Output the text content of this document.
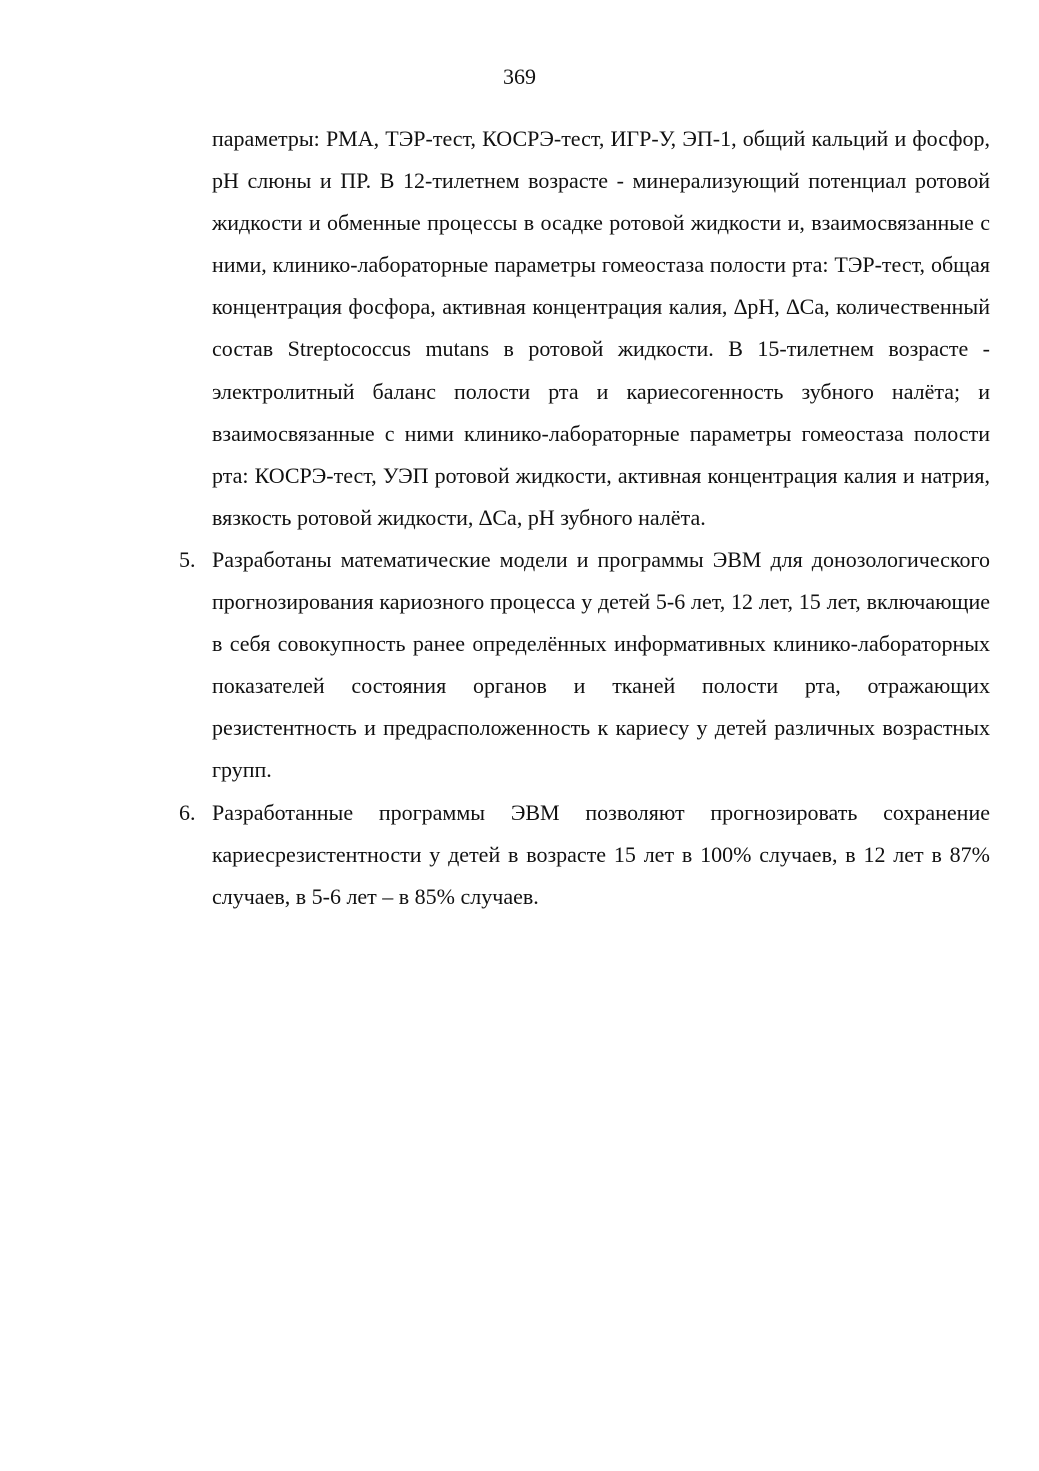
369

параметры: РМА, ТЭР-тест, КОСРЭ-тест, ИГР-У, ЭП-1, общий кальций и фосфор, рН слюны и ПР. В 12-тилетнем возрасте - минерализующий потенциал ротовой жидкости и обменные процессы в осадке ротовой жидкости и, взаимосвязанные с ними, клинико-лабораторные параметры гомеостаза полости рта: ТЭР-тест, общая концентрация фосфора, активная концентрация калия, ∆рН, ∆Са, количественный состав Streptococcus mutans в ротовой жидкости. В 15-тилетнем возрасте - электролитный баланс полости рта и кариесогенность зубного налёта; и взаимосвязанные с ними клинико-лабораторные параметры гомеостаза полости рта: КОСРЭ-тест, УЭП ротовой жидкости, активная концентрация калия и натрия, вязкость ротовой жидкости, ∆Са, рН зубного налёта.

5. Разработаны математические модели и программы ЭВМ для донозологического прогнозирования кариозного процесса у детей 5-6 лет, 12 лет, 15 лет, включающие в себя совокупность ранее определённых информативных клинико-лабораторных показателей состояния органов и тканей полости рта, отражающих резистентность и предрасположенность к кариесу у детей различных возрастных групп.
6. Разработанные программы ЭВМ позволяют прогнозировать сохранение кариесрезистентности у детей в возрасте 15 лет в 100% случаев, в 12 лет в 87% случаев, в 5-6 лет – в 85% случаев.
